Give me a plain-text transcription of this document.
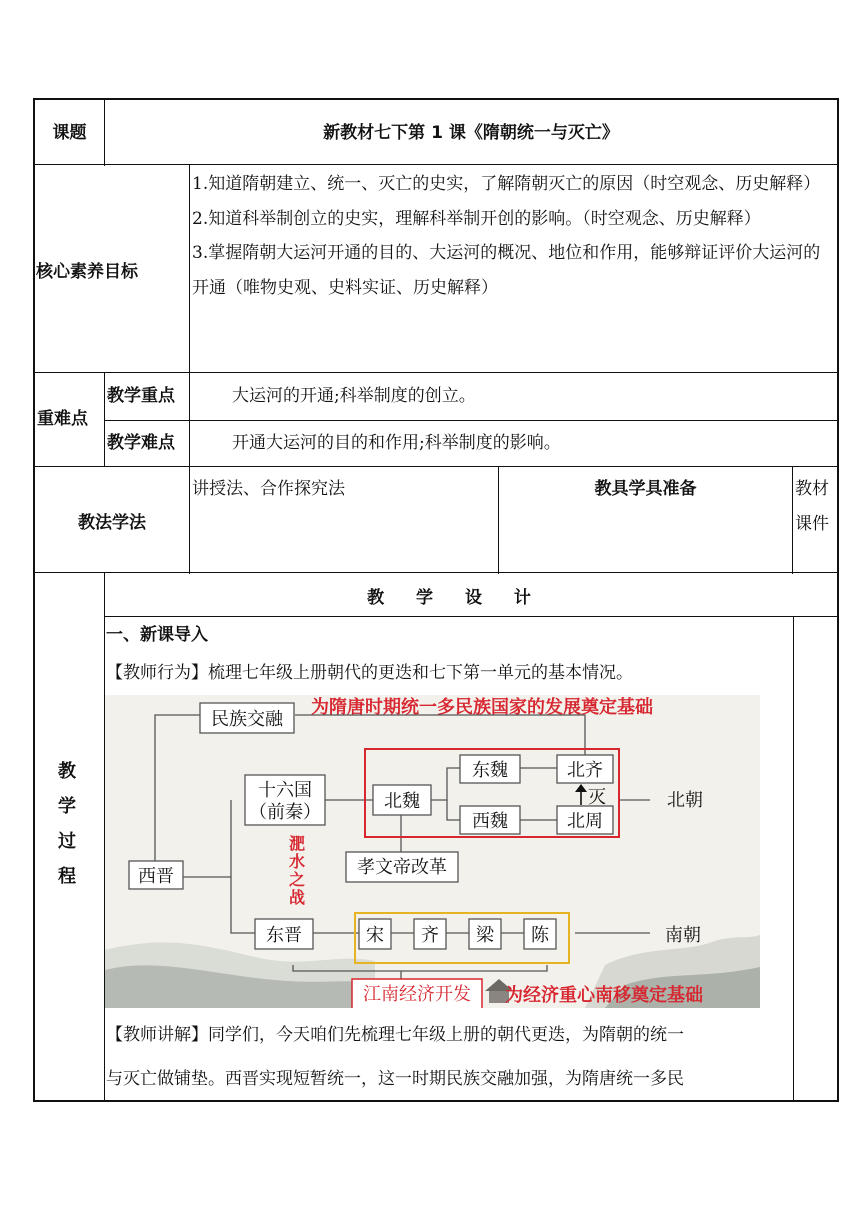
课题	新教材七下第 1 课《隋朝统一与灭亡》
核心素养目标
1.知道隋朝建立、统一、灭亡的史实，了解隋朝灭亡的原因（时空观念、历史解释）
2.知道科举制创立的史实，理解科举制开创的影响。（时空观念、历史解释）
3.掌握隋朝大运河开通的目的、大运河的概况、地位和作用，能够辩证评价大运河的开通（唯物史观、史料实证、历史解释）
重难点
教学重点	大运河的开通;科举制度的创立。
教学难点	开通大运河的目的和作用;科举制度的影响。
教法学法
讲授法、合作探究法	教具学具准备	教材课件
教学过程
教 学 设 计
一、新课导入
【教师行为】梳理七年级上册朝代的更迭和七下第一单元的基本情况。
为隋唐时期统一多民族国家的发展奠定基础
民族交融
十六国
（前秦）
北魏
东魏
西魏
北齐
北周
灭	北朝
孝文帝改革
西晋
淝
水
之
战
东晋	宋 齐 梁 陈	南朝
江南经济开发 为经济重心南移奠定基础
【教师讲解】同学们，今天咱们先梳理七年级上册的朝代更迭，为隋朝的统一
与灭亡做铺垫。西晋实现短暂统一，这一时期民族交融加强，为隋唐统一多民
